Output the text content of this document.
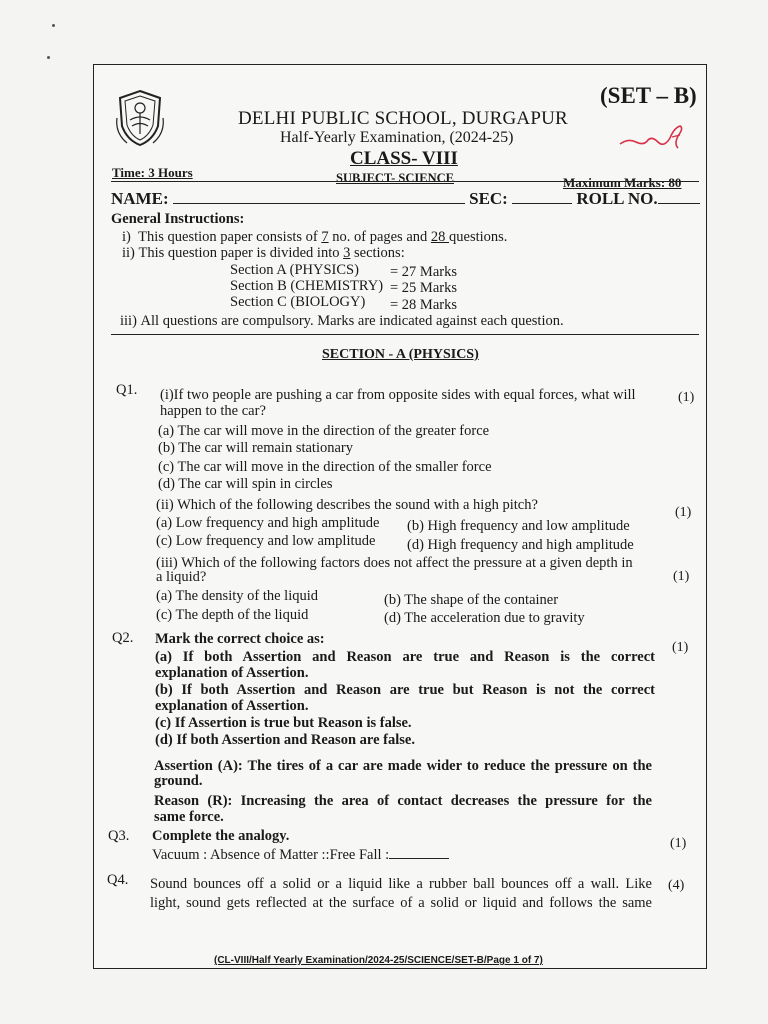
(SET – B)
DELHI PUBLIC SCHOOL, DURGAPUR
Half-Yearly Examination, (2024-25)
CLASS- VIII
Time: 3 Hours	SUBJECT- SCIENCE	Maximum Marks: 80
NAME:	SEC:	ROLL NO.
General Instructions:
i) This question paper consists of 7 no. of pages and 28 questions.
ii) This question paper is divided into 3 sections:
Section A (PHYSICS) = 27 Marks
Section B (CHEMISTRY) = 25 Marks
Section C (BIOLOGY) = 28 Marks
iii) All questions are compulsory. Marks are indicated against each question.
SECTION - A (PHYSICS)
Q1. (i)If two people are pushing a car from opposite sides with equal forces, what will
happen to the car?
(1)
(a) The car will move in the direction of the greater force
(b) The car will remain stationary
(c) The car will move in the direction of the smaller force
(d) The car will spin in circles
(ii) Which of the following describes the sound with a high pitch?	(1)
(a) Low frequency and high amplitude (b) High frequency and low amplitude
(c) Low frequency and low amplitude (d) High frequency and high amplitude
(iii) Which of the following factors does not affect the pressure at a given depth in
a liquid?	(1)
(a) The density of the liquid	(b) The shape of the container
(c) The depth of the liquid	(d) The acceleration due to gravity
Q2. Mark the correct choice as:
(1)
(a) If both Assertion and Reason are true and Reason is the correct
explanation of Assertion.
(b) If both Assertion and Reason are true but Reason is not the correct
explanation of Assertion.
(c) If Assertion is true but Reason is false.
(d) If both Assertion and Reason are false.
Assertion (A): The tires of a car are made wider to reduce the pressure on the
ground.
Reason (R): Increasing the area of contact decreases the pressure for the
same force.
Q3. Complete the analogy.	(1)
Vacuum : Absence of Matter ::Free Fall :
Q4. Sound bounces off a solid or a liquid like a rubber ball bounces off a wall. Like (4)
light, sound gets reflected at the surface of a solid or liquid and follows the same
(CL-VIII/Half Yearly Examination/2024-25/SCIENCE/SET-B/Page 1 of 7)
